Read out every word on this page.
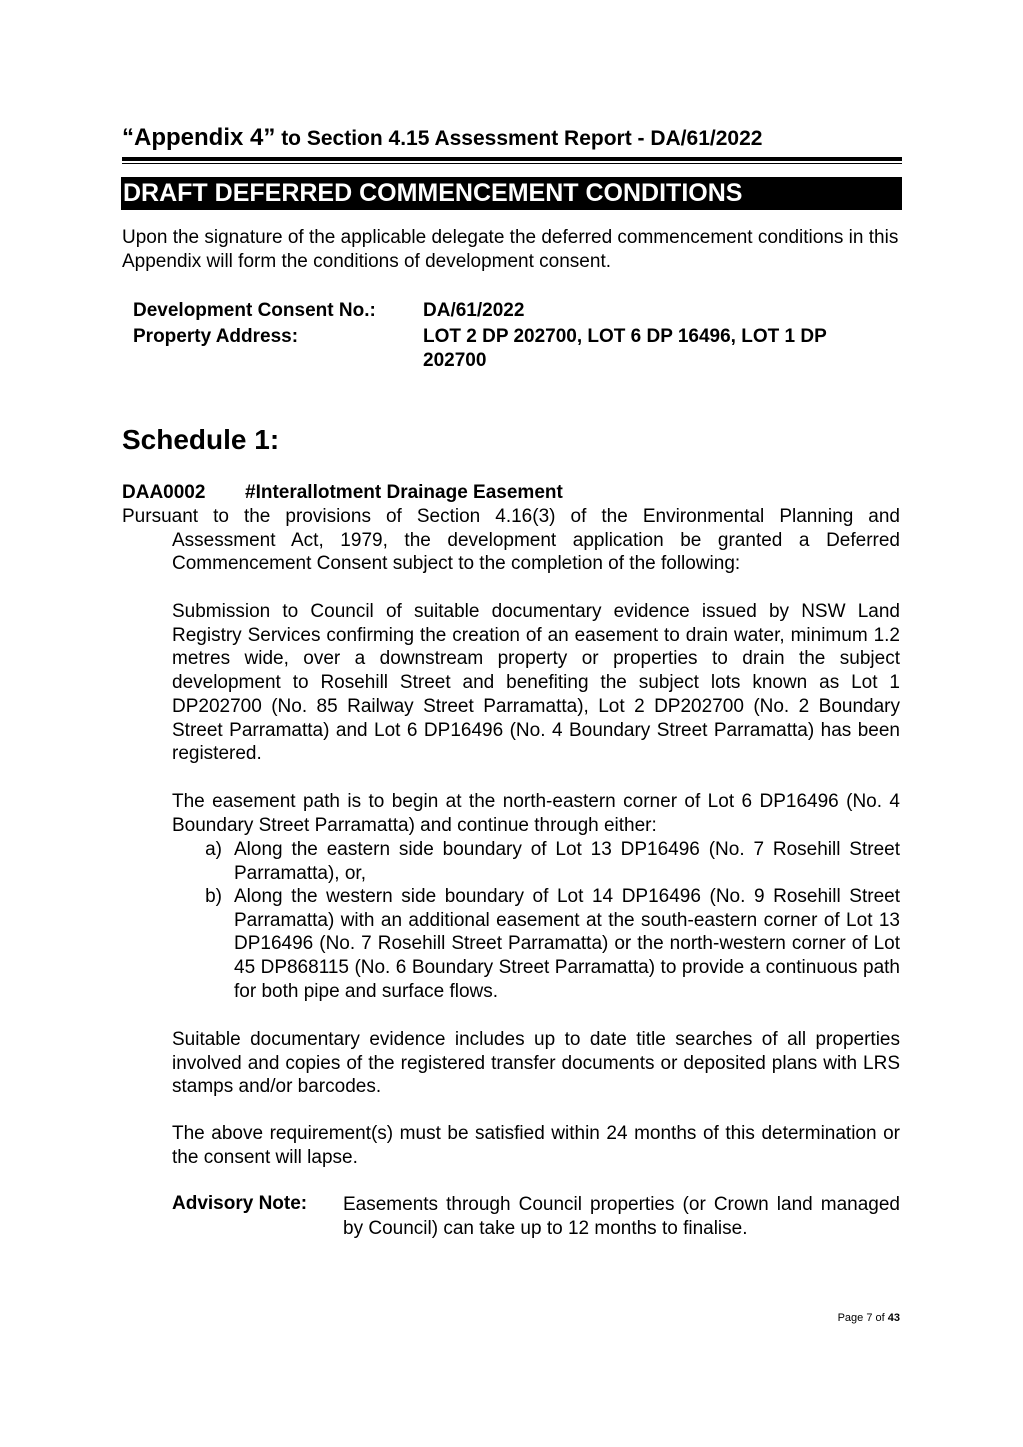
“Appendix 4” to Section 4.15 Assessment Report - DA/61/2022
DRAFT DEFERRED COMMENCEMENT CONDITIONS
Upon the signature of the applicable delegate the deferred commencement conditions in this Appendix will form the conditions of development consent.
Development Consent No.: DA/61/2022
Property Address:	LOT 2 DP 202700, LOT 6 DP 16496, LOT 1 DP 202700
Schedule 1:
DAA0002 #Interallotment Drainage Easement
Pursuant to the provisions of Section 4.16(3) of the Environmental Planning and Assessment Act, 1979, the development application be granted a Deferred Commencement Consent subject to the completion of the following:
Submission to Council of suitable documentary evidence issued by NSW Land Registry Services confirming the creation of an easement to drain water, minimum 1.2 metres wide, over a downstream property or properties to drain the subject development to Rosehill Street and benefiting the subject lots known as Lot 1 DP202700 (No. 85 Railway Street Parramatta), Lot 2 DP202700 (No. 2 Boundary Street Parramatta) and Lot 6 DP16496 (No. 4 Boundary Street Parramatta) has been registered.
The easement path is to begin at the north-eastern corner of Lot 6 DP16496 (No. 4 Boundary Street Parramatta) and continue through either:
a) Along the eastern side boundary of Lot 13 DP16496 (No. 7 Rosehill Street Parramatta), or,
b) Along the western side boundary of Lot 14 DP16496 (No. 9 Rosehill Street Parramatta) with an additional easement at the south-eastern corner of Lot 13 DP16496 (No. 7 Rosehill Street Parramatta) or the north-western corner of Lot 45 DP868115 (No. 6 Boundary Street Parramatta) to provide a continuous path for both pipe and surface flows.
Suitable documentary evidence includes up to date title searches of all properties involved and copies of the registered transfer documents or deposited plans with LRS stamps and/or barcodes.
The above requirement(s) must be satisfied within 24 months of this determination or the consent will lapse.
Advisory Note: Easements through Council properties (or Crown land managed by Council) can take up to 12 months to finalise.
Page 7 of 43
